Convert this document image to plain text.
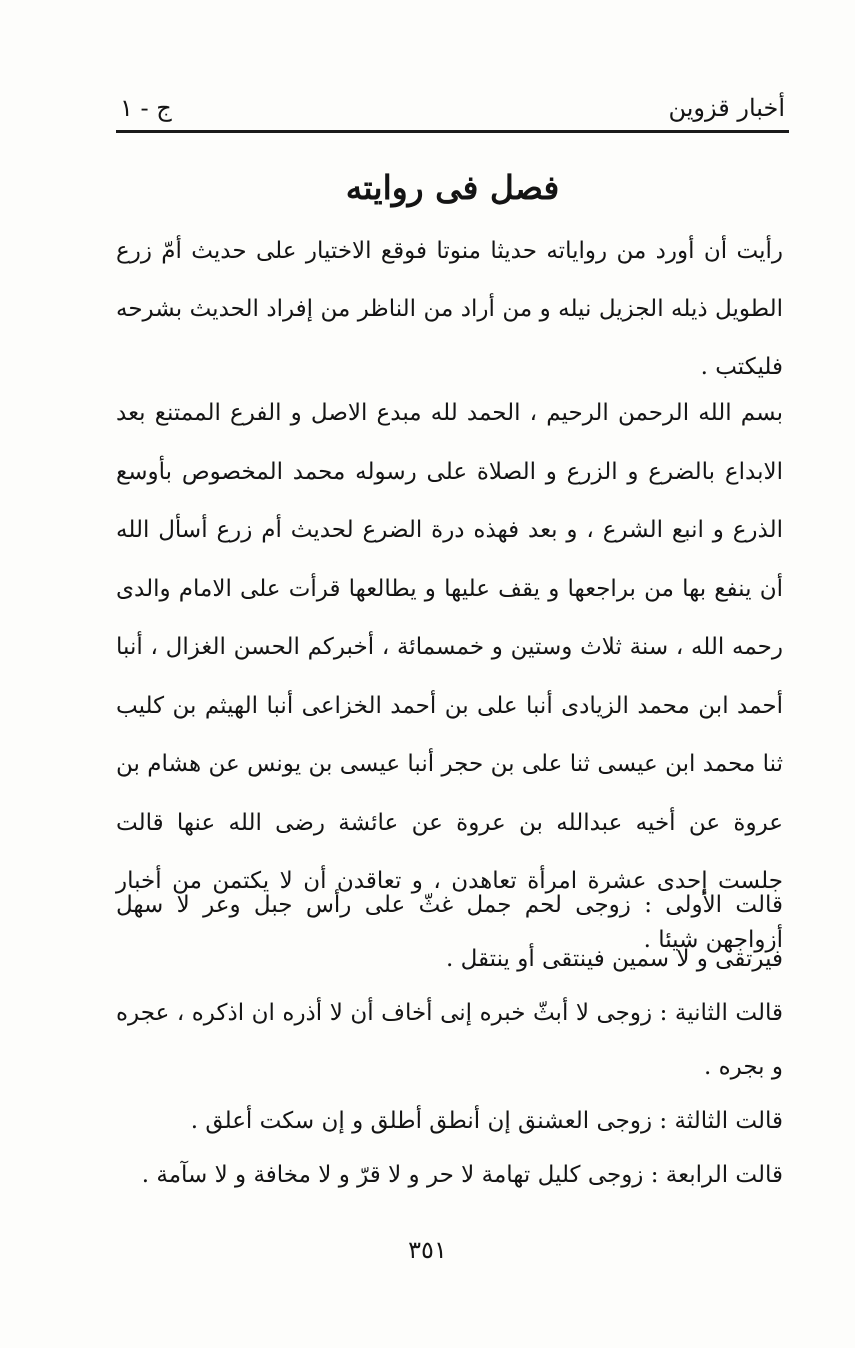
أخبار قزوين
ج - ١
فصل فى روايته

رأيت أن أورد من رواياته حديثا منوتا فوقع الاختيار على حديث أمّ زرع الطويل ذيله الجزيل نيله و من أراد من الناظر من إفراد الحديث بشرحه فليكتب .

بسم الله الرحمن الرحيم ، الحمد لله مبدع الاصل و الفرع الممتنع بعد الابداع بالضرع و الزرع و الصلاة على رسوله محمد المخصوص بأوسع الذرع و انبع الشرع ، و بعد فهذه درة الضرع لحديث أم زرع أسأل الله أن ينفع بها من براجعها و يقف عليها و يطالعها قرأت على الامام والدى رحمه الله ، سنة ثلاث وستين و خمسمائة ، أخبركم الحسن الغزال ، أنبا أحمد ابن محمد الزيادى أنبا على بن أحمد الخزاعى أنبا الهيثم بن كليب ثنا محمد ابن عيسى ثنا على بن حجر أنبا عيسى بن يونس عن هشام بن عروة عن أخيه عبدالله بن عروة عن عائشة رضى الله عنها قالت جلست إحدى عشرة امرأة تعاهدن ، و تعاقدن أن لا يكتمن من أخبار أزواجهن شيئا .

قالت الأولى : زوجى لحم جمل غثّ على رأس جبل وعر لا سهل فيرتقى و لا سمين فينتقى أو ينتقل .

قالت الثانية : زوجى لا أبثّ خبره إنى أخاف أن لا أذره ان اذكره ، عجره و بجره .

قالت الثالثة : زوجى العشنق إن أنطق أطلق و إن سكت أعلق .

قالت الرابعة : زوجى كليل تهامة لا حر و لا قرّ و لا مخافة و لا سآمة .

٣٥١
